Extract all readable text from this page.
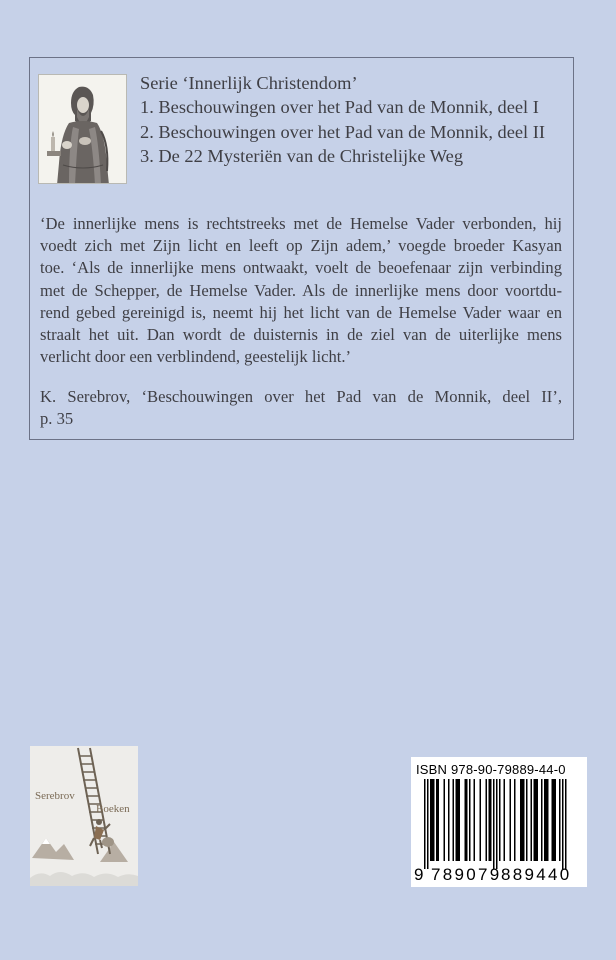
Serie ‘Innerlijk Christendom’
1. Beschouwingen over het Pad van de Monnik, deel I
2. Beschouwingen over het Pad van de Monnik, deel II
3. De 22 Mysteriën van de Christelijke Weg
‘De innerlijke mens is rechtstreeks met de Hemelse Vader verbonden, hij
voedt zich met Zijn licht en leeft op Zijn adem,’ voegde broeder Kasyan
toe. ‘Als de innerlijke mens ontwaakt, voelt de beoefenaar zijn verbinding
met de Schepper, de Hemelse Vader. Als de innerlijke mens door voortdu-
rend gebed gereinigd is, neemt hij het licht van de Hemelse Vader waar en
straalt het uit. Dan wordt de duisternis in de ziel van de uiterlijke mens
verlicht door een verblindend, geestelijk licht.’
K. Serebrov, ‘Beschouwingen over het Pad van de Monnik, deel II’,
p. 35
Serebrov
Boeken
ISBN 978-90-79889-44-0
9 789079 889440
